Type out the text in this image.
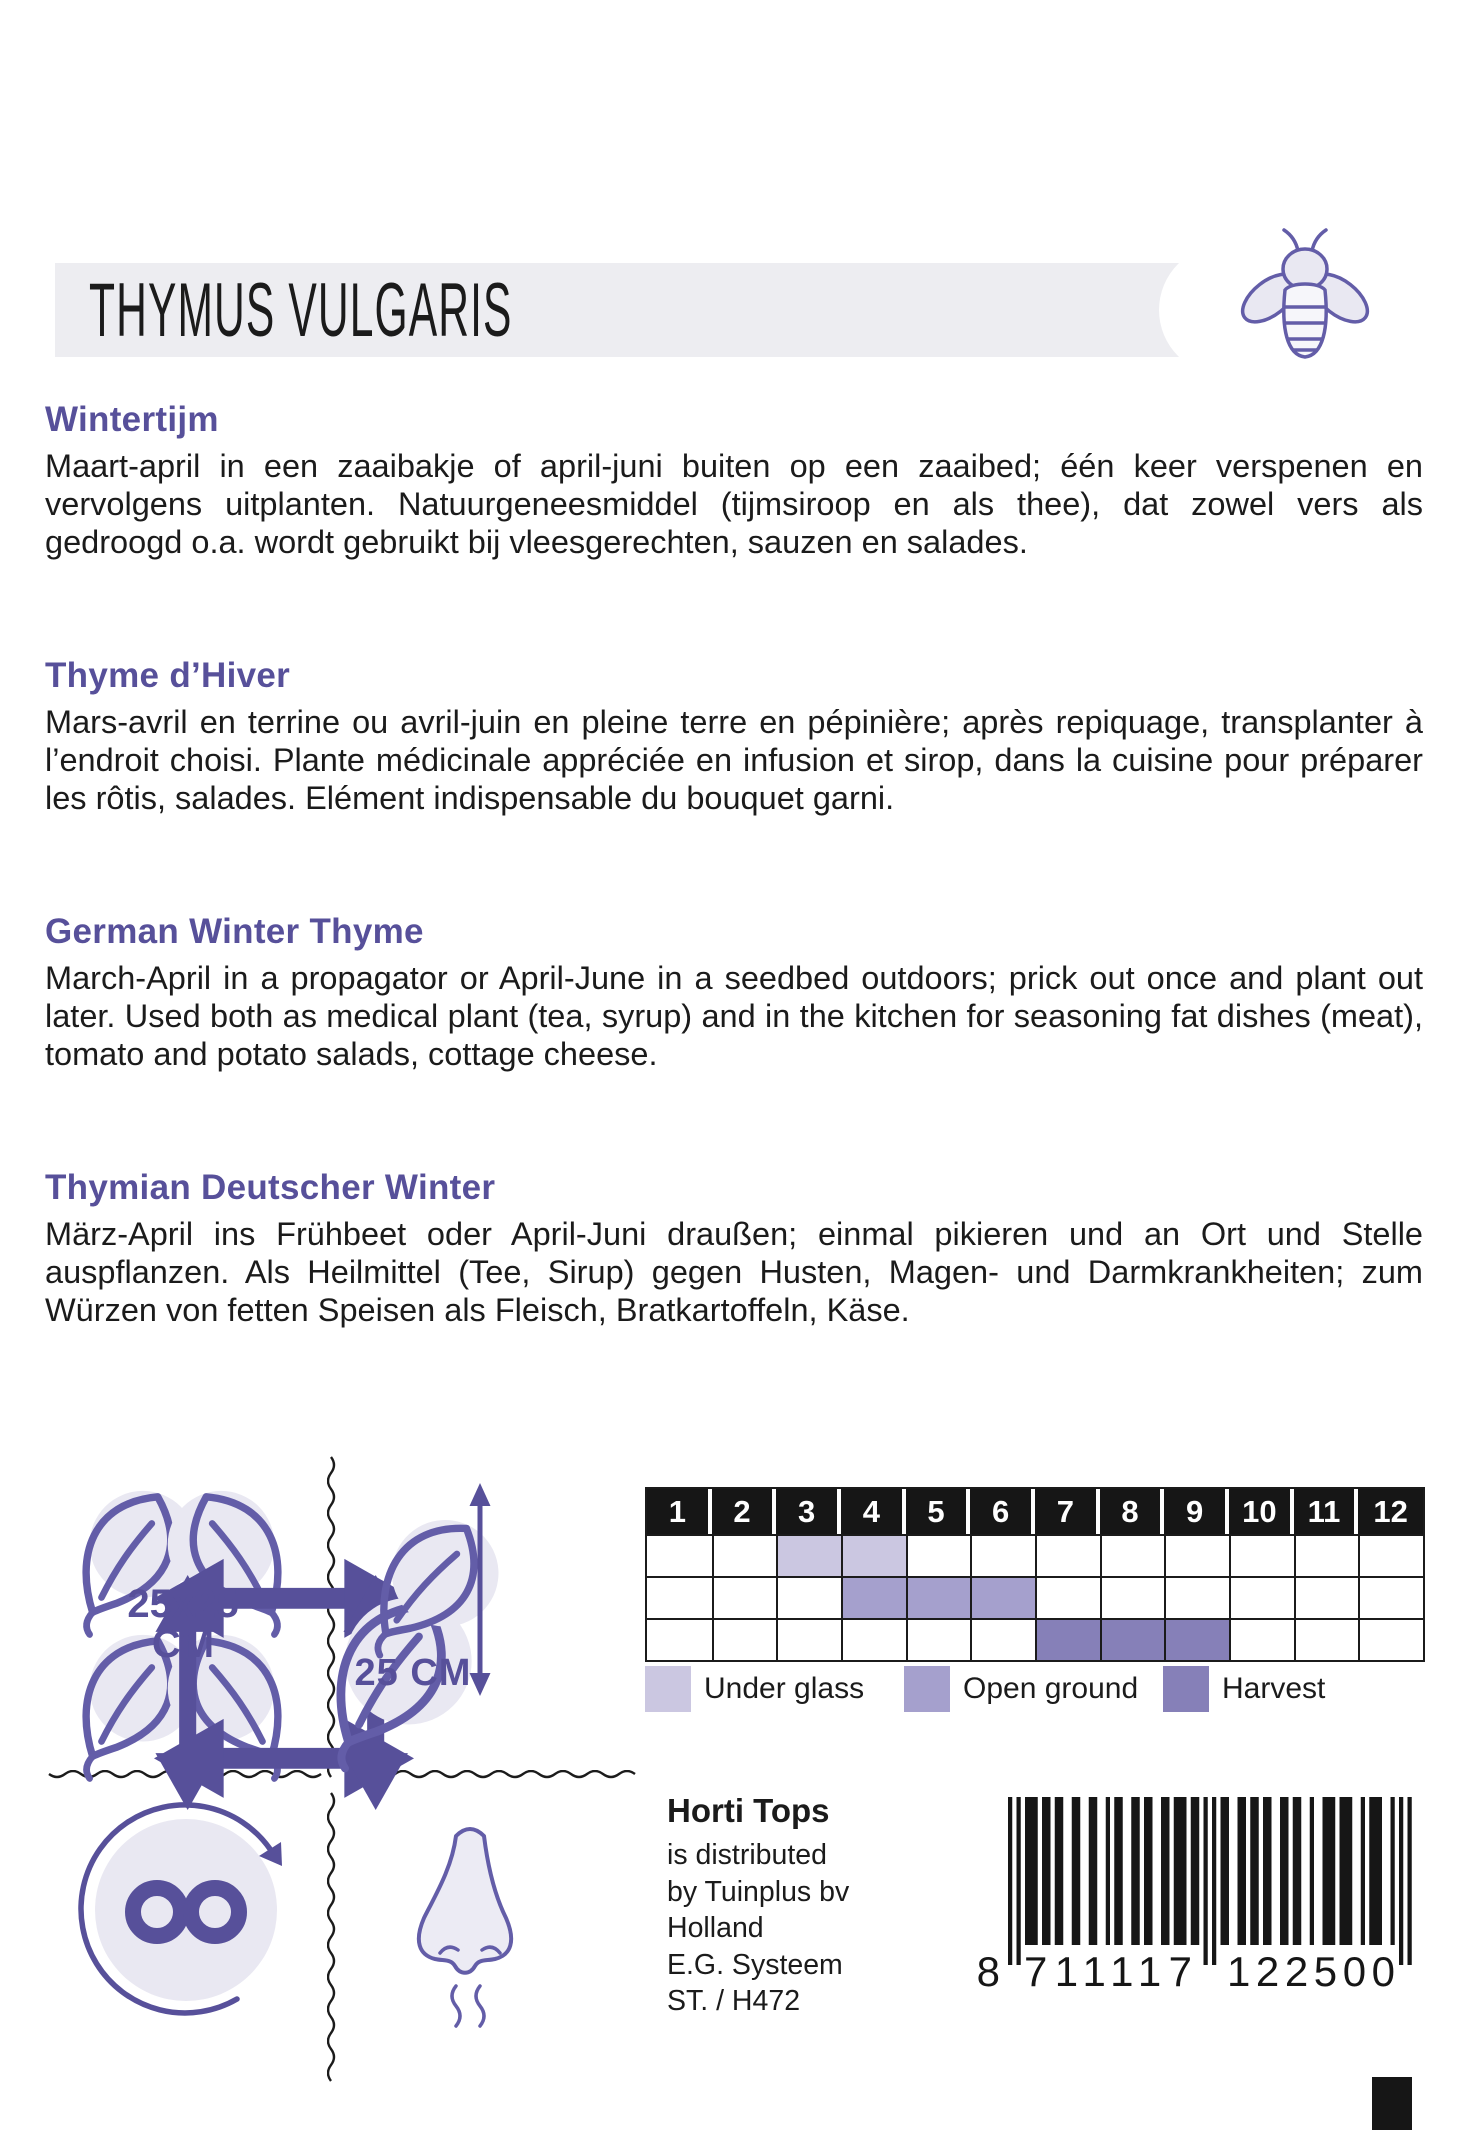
THYMUS VULGARIS
Wintertijm

Maart-april in een zaaibakje of april-juni buiten op een zaaibed; één keer verspenen en vervolgens uitplanten. Natuurgeneesmiddel (tijmsiroop en als thee), dat zowel vers als gedroogd o.a. wordt gebruikt bij vleesgerechten, sauzen en salades.

Thyme d’Hiver

Mars-avril en terrine ou avril-juin en pleine terre en pépinière; après repiquage, transplanter à l’endroit choisi. Plante médicinale appréciée en infusion et sirop, dans la cuisine pour préparer les rôtis, salades. Elément indispensable du bouquet garni.

German Winter Thyme

March-April in a propagator or April-June in a seedbed outdoors; prick out once and plant out later. Used both as medical plant (tea, syrup) and in the kitchen for seasoning fat dishes (meat), tomato and potato salads, cottage cheese.

Thymian Deutscher Winter

März-April ins Frühbeet oder April-Juni draußen; einmal pikieren und an Ort und Stelle auspflanzen. Als Heilmittel (Tee, Sirup) gegen Husten, Magen- und Darmkrankheiten; zum Würzen von fetten Speisen als Fleisch, Bratkartoffeln, Käse.

25x25
CM
25 CM
1	2	3	4	5	6	7	8	9	10	11	12
Under glass	Open ground	Harvest
Horti Tops
is distributed
by Tuinplus bv
Holland
E.G. Systeem
ST. / H472
8 711117 122500
